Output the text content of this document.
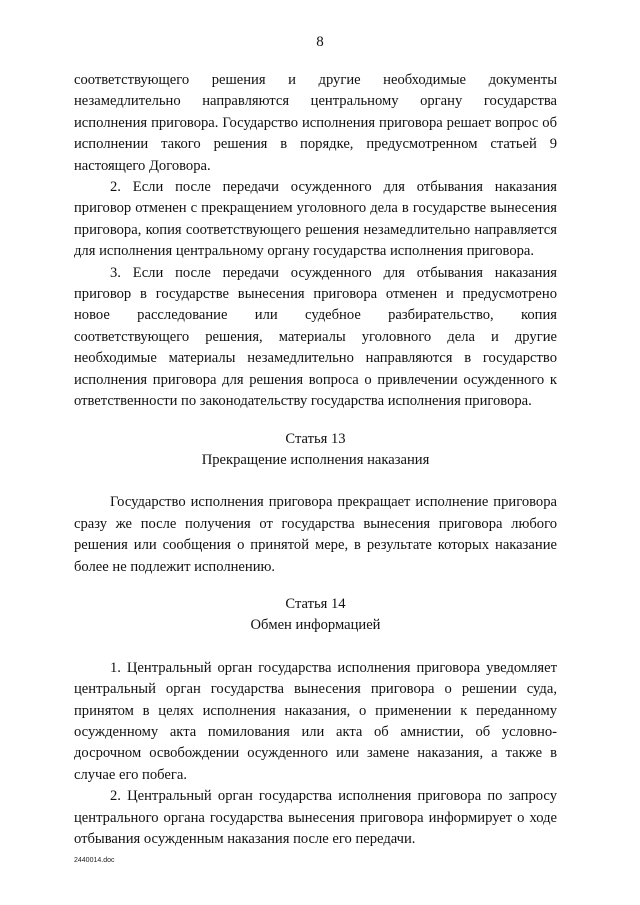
8

соответствующего решения и другие необходимые документы незамедлительно направляются центральному органу государства исполнения приговора. Государство исполнения приговора решает вопрос об исполнении такого решения в порядке, предусмотренном статьей 9 настоящего Договора.

2. Если после передачи осужденного для отбывания наказания приговор отменен с прекращением уголовного дела в государстве вынесения приговора, копия соответствующего решения незамедлительно направляется для исполнения центральному органу государства исполнения приговора.

3. Если после передачи осужденного для отбывания наказания приговор в государстве вынесения приговора отменен и предусмотрено новое расследование или судебное разбирательство, копия соответствующего решения, материалы уголовного дела и другие необходимые материалы незамедлительно направляются в государство исполнения приговора для решения вопроса о привлечении осужденного к ответственности по законодательству государства исполнения приговора.

Статья 13

Прекращение исполнения наказания

Государство исполнения приговора прекращает исполнение приговора сразу же после получения от государства вынесения приговора любого решения или сообщения о принятой мере, в результате которых наказание более не подлежит исполнению.

Статья 14

Обмен информацией

1. Центральный орган государства исполнения приговора уведомляет центральный орган государства вынесения приговора о решении суда, принятом в целях исполнения наказания, о применении к переданному осужденному акта помилования или акта об амнистии, об условно-досрочном освобождении осужденного или замене наказания, а также в случае его побега.

2. Центральный орган государства исполнения приговора по запросу центрального органа государства вынесения приговора информирует о ходе отбывания осужденным наказания после его передачи.

2440014.doc
